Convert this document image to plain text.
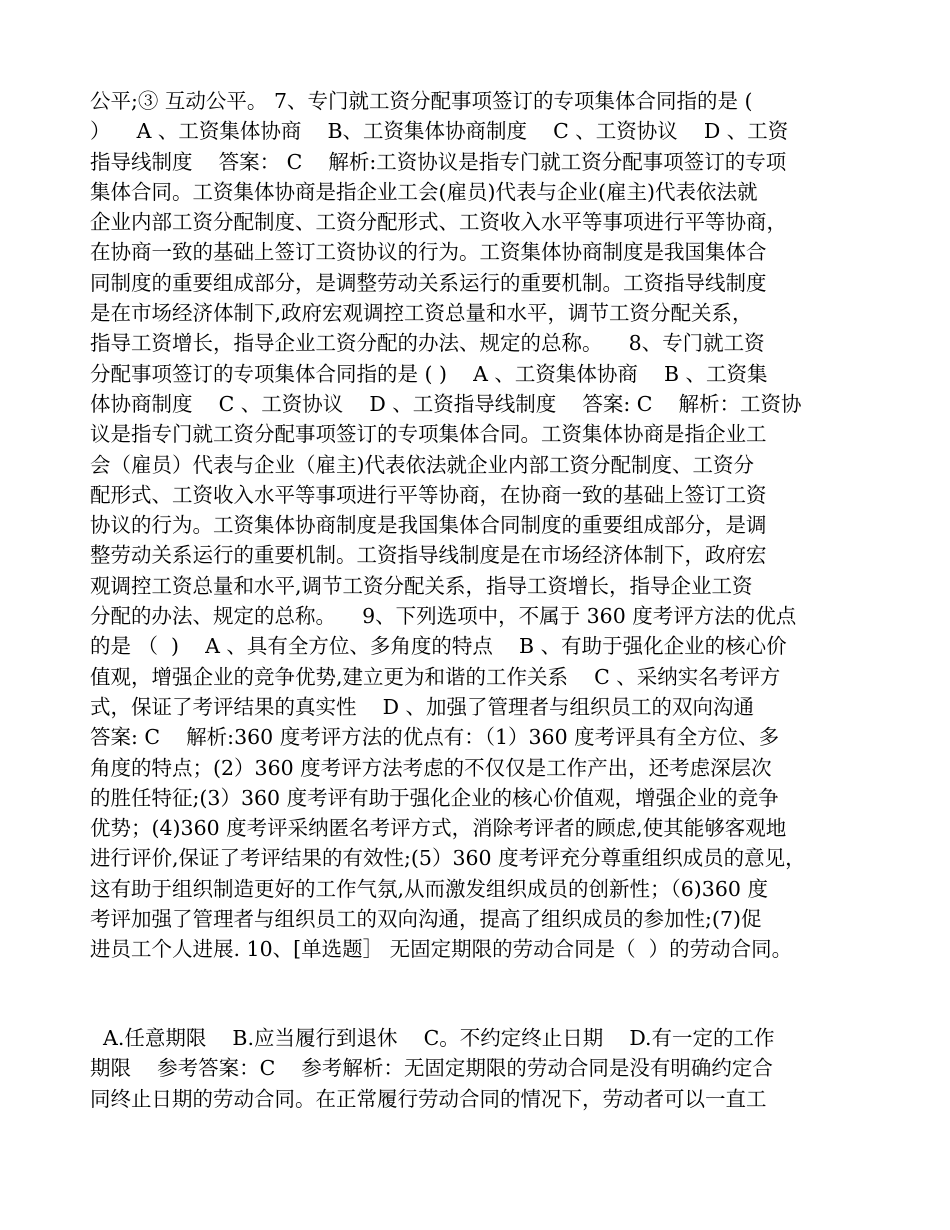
公平;③ 互动公平。 7、专门就工资分配事项签订的专项集体合同指的是 (
）    A 、工资集体协商    B、工资集体协商制度    C 、工资协议    D 、工资
指导线制度    答案： C    解析:工资协议是指专门就工资分配事项签订的专项
集体合同。工资集体协商是指企业工会(雇员)代表与企业(雇主)代表依法就
企业内部工资分配制度、工资分配形式、工资收入水平等事项进行平等协商，
在协商一致的基础上签订工资协议的行为。工资集体协商制度是我国集体合
同制度的重要组成部分，是调整劳动关系运行的重要机制。工资指导线制度
是在市场经济体制下,政府宏观调控工资总量和水平，调节工资分配关系，
指导工资增长，指导企业工资分配的办法、规定的总称。    8、专门就工资
分配事项签订的专项集体合同指的是 ( )    A 、工资集体协商    B 、工资集
体协商制度    C 、工资协议    D 、工资指导线制度    答案: C    解析：工资协
议是指专门就工资分配事项签订的专项集体合同。工资集体协商是指企业工
会（雇员）代表与企业（雇主)代表依法就企业内部工资分配制度、工资分
配形式、工资收入水平等事项进行平等协商，在协商一致的基础上签订工资
协议的行为。工资集体协商制度是我国集体合同制度的重要组成部分，是调
整劳动关系运行的重要机制。工资指导线制度是在市场经济体制下，政府宏
观调控工资总量和水平,调节工资分配关系，指导工资增长，指导企业工资
分配的办法、规定的总称。    9、下列选项中，不属于 360 度考评方法的优点
的是 （  )    A 、具有全方位、多角度的特点    B 、有助于强化企业的核心价
值观，增强企业的竞争优势,建立更为和谐的工作关系    C 、采纳实名考评方
式，保证了考评结果的真实性    D 、加强了管理者与组织员工的双向沟通
答案: C    解析:360 度考评方法的优点有：（1）360 度考评具有全方位、多
角度的特点；(2）360 度考评方法考虑的不仅仅是工作产出，还考虑深层次
的胜任特征;(3）360 度考评有助于强化企业的核心价值观，增强企业的竞争
优势；(4)360 度考评采纳匿名考评方式，消除考评者的顾虑,使其能够客观地
进行评价,保证了考评结果的有效性;(5）360 度考评充分尊重组织成员的意见，
这有助于组织制造更好的工作气氛,从而激发组织成员的创新性；（6)360 度
考评加强了管理者与组织员工的双向沟通，提高了组织成员的参加性;(7)促
进员工个人进展. 10、[单选题］ 无固定期限的劳动合同是（  ）的劳动合同。
A.任意期限    B.应当履行到退休    C。不约定终止日期    D.有一定的工作
期限    参考答案：C    参考解析：无固定期限的劳动合同是没有明确约定合
同终止日期的劳动合同。在正常履行劳动合同的情况下，劳动者可以一直工
